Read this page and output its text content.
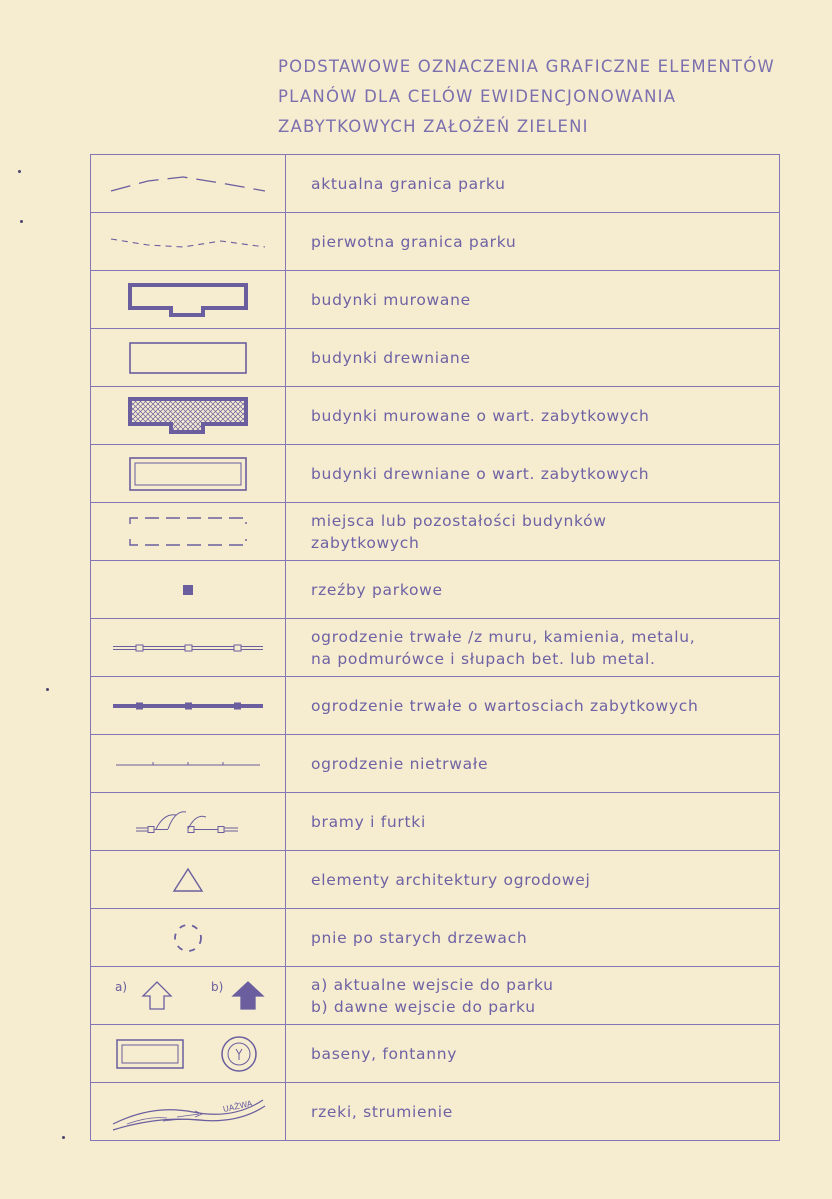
PODSTAWOWE OZNACZENIA GRAFICZNE ELEMENTÓW
PLANÓW DLA CELÓW EWIDENCJONOWANIA
ZABYTKOWYCH ZAŁOŻEŃ ZIELENI

aktualna granica parku

pierwotna granica parku

budynki murowane

budynki drewniane

budynki murowane o wart. zabytkowych

budynki drewniane o wart. zabytkowych

miejsca lub pozostałości budynków
zabytkowych

rzeźby parkowe

ogrodzenie trwałe /z muru, kamienia, metalu,
na podmurówce i słupach bet. lub metal.

ogrodzenie trwałe o wartosciach zabytkowych

ogrodzenie nietrwałe

bramy i furtki

elementy architektury ogrodowej

pnie po starych drzewach

a) b)	a) aktualne wejscie do parku
b) dawne wejscie do parku

baseny, fontanny

UAŻWA	rzeki, strumienie
